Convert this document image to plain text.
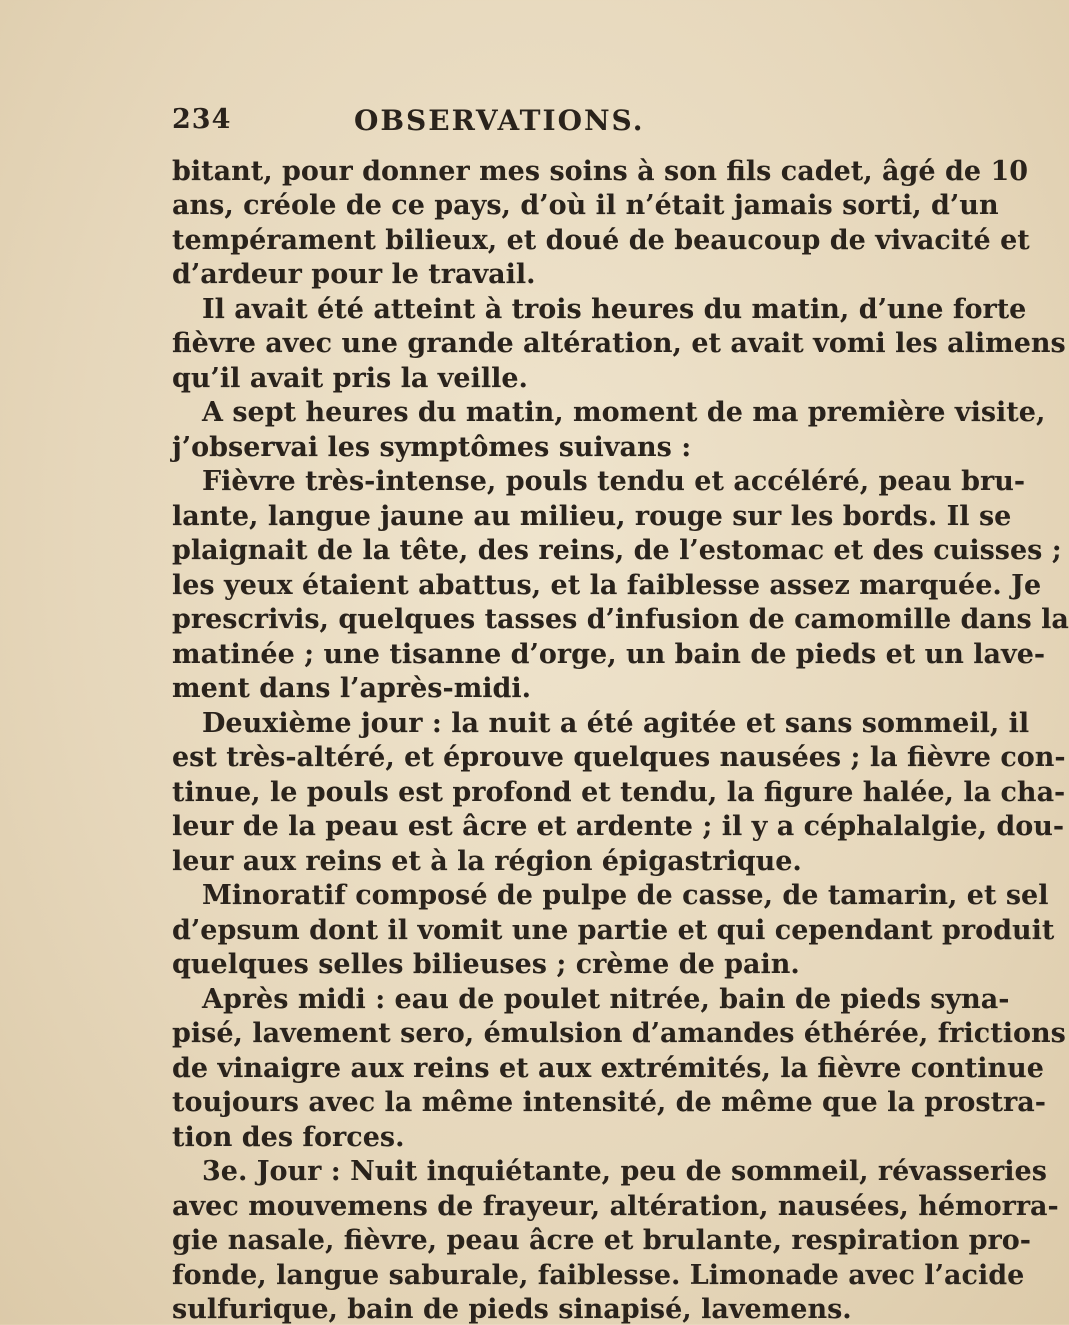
234	OBSERVATIONS.
bitant, pour donner mes soins à son fils cadet, âgé de 10
ans, créole de ce pays, d’où il n’était jamais sorti, d’un
tempérament bilieux, et doué de beaucoup de vivacité et
d’ardeur pour le travail.
Il avait été atteint à trois heures du matin, d’une forte
fièvre avec une grande altération, et avait vomi les alimens
qu’il avait pris la veille.
A sept heures du matin, moment de ma première visite,
j’observai les symptômes suivans :
Fièvre très-intense, pouls tendu et accéléré, peau bru-
lante, langue jaune au milieu, rouge sur les bords. Il se
plaignait de la tête, des reins, de l’estomac et des cuisses ;
les yeux étaient abattus, et la faiblesse assez marquée. Je
prescrivis, quelques tasses d’infusion de camomille dans la
matinée ; une tisanne d’orge, un bain de pieds et un lave-
ment dans l’après-midi.
Deuxième jour : la nuit a été agitée et sans sommeil, il
est très-altéré, et éprouve quelques nausées ; la fièvre con-
tinue, le pouls est profond et tendu, la figure halée, la cha-
leur de la peau est âcre et ardente ; il y a céphalalgie, dou-
leur aux reins et à la région épigastrique.
Minoratif composé de pulpe de casse, de tamarin, et sel
d’epsum dont il vomit une partie et qui cependant produit
quelques selles bilieuses ; crème de pain.
Après midi : eau de poulet nitrée, bain de pieds syna-
pisé, lavement sero, émulsion d’amandes éthérée, frictions
de vinaigre aux reins et aux extrémités, la fièvre continue
toujours avec la même intensité, de même que la prostra-
tion des forces.
3e. Jour : Nuit inquiétante, peu de sommeil, révasseries
avec mouvemens de frayeur, altération, nausées, hémorra-
gie nasale, fièvre, peau âcre et brulante, respiration pro-
fonde, langue saburale, faiblesse. Limonade avec l’acide
sulfurique, bain de pieds sinapisé, lavemens.
